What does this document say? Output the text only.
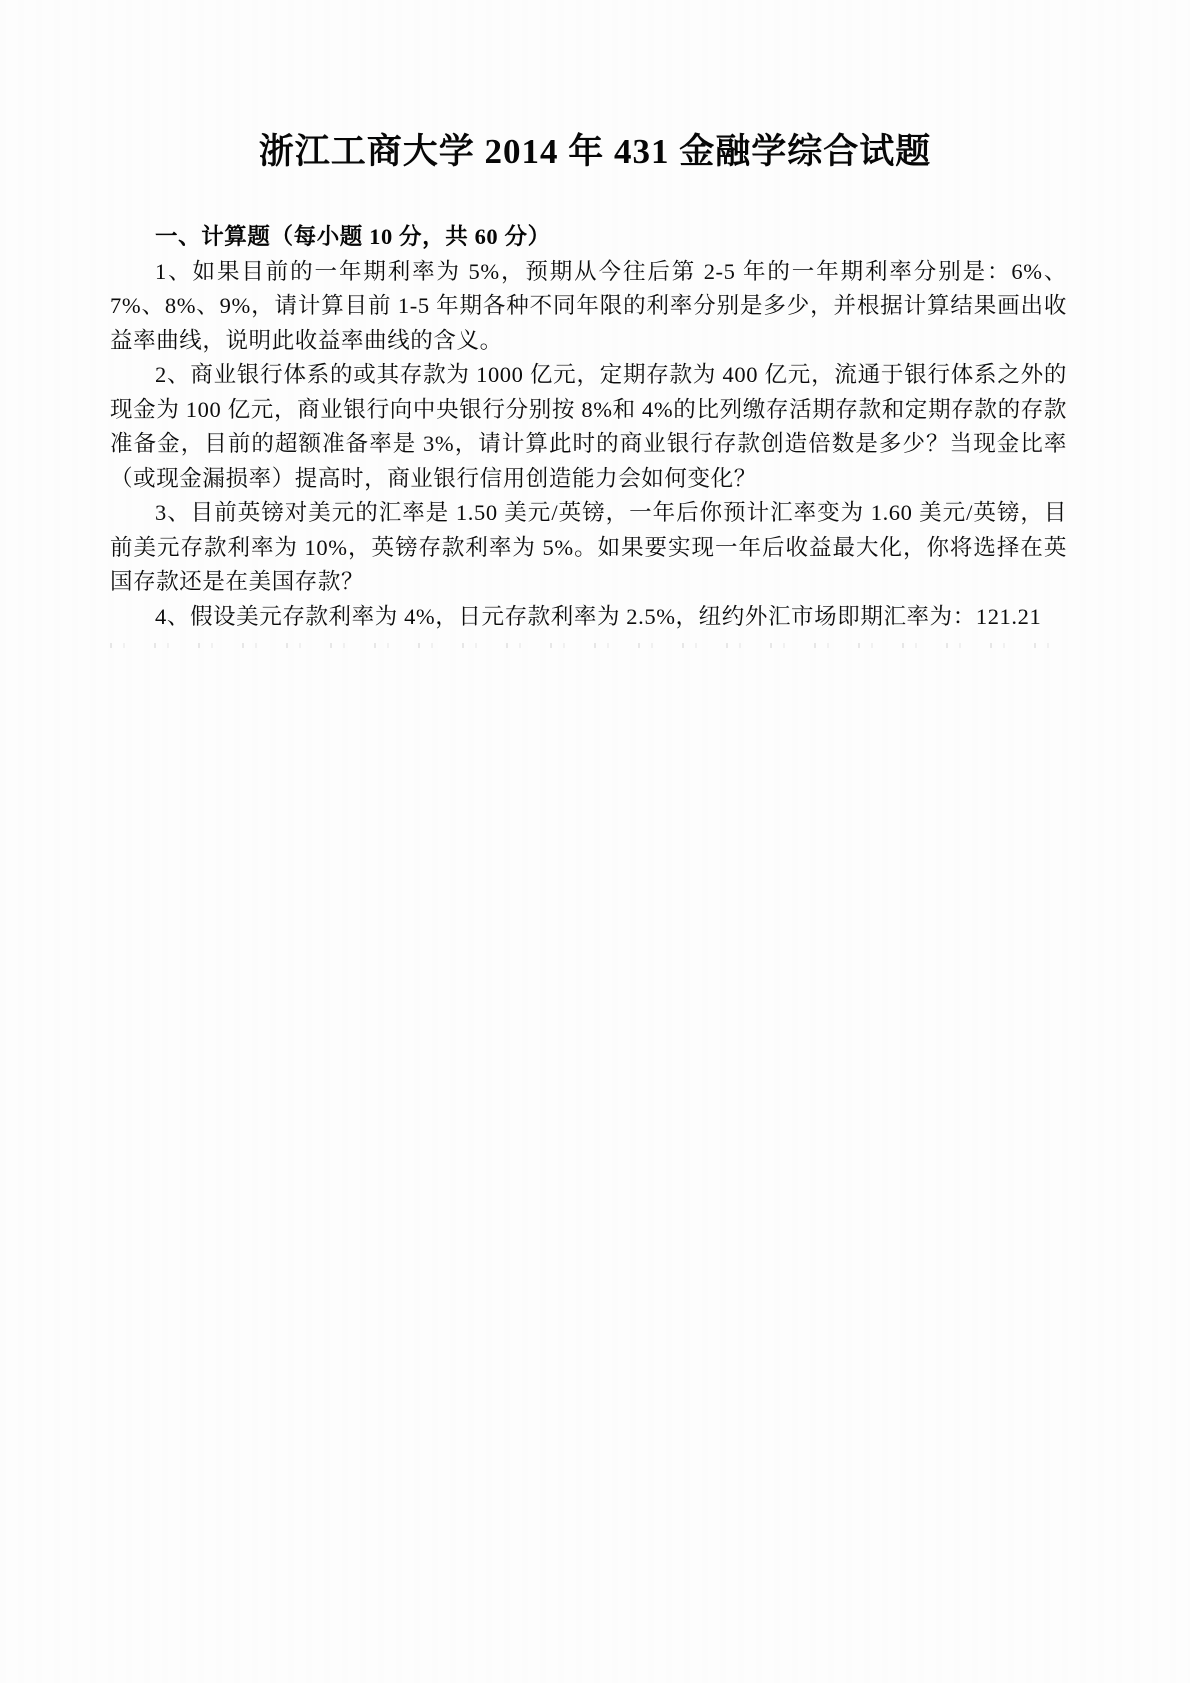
浙江工商大学 2014 年 431 金融学综合试题
一、计算题（每小题 10 分，共 60 分）

1、如果目前的一年期利率为 5%，预期从今往后第 2-5 年的一年期利率分别是：6%、7%、8%、9%，请计算目前 1-5 年期各种不同年限的利率分别是多少，并根据计算结果画出收益率曲线，说明此收益率曲线的含义。

2、商业银行体系的或其存款为 1000 亿元，定期存款为 400 亿元，流通于银行体系之外的现金为 100 亿元，商业银行向中央银行分别按 8%和 4%的比列缴存活期存款和定期存款的存款准备金，目前的超额准备率是 3%，请计算此时的商业银行存款创造倍数是多少？当现金比率（或现金漏损率）提高时，商业银行信用创造能力会如何变化？

3、目前英镑对美元的汇率是 1.50 美元/英镑，一年后你预计汇率变为 1.60 美元/英镑，目前美元存款利率为 10%，英镑存款利率为 5%。如果要实现一年后收益最大化，你将选择在英国存款还是在美国存款？

4、假设美元存款利率为 4%，日元存款利率为 2.5%，纽约外汇市场即期汇率为：121.21
